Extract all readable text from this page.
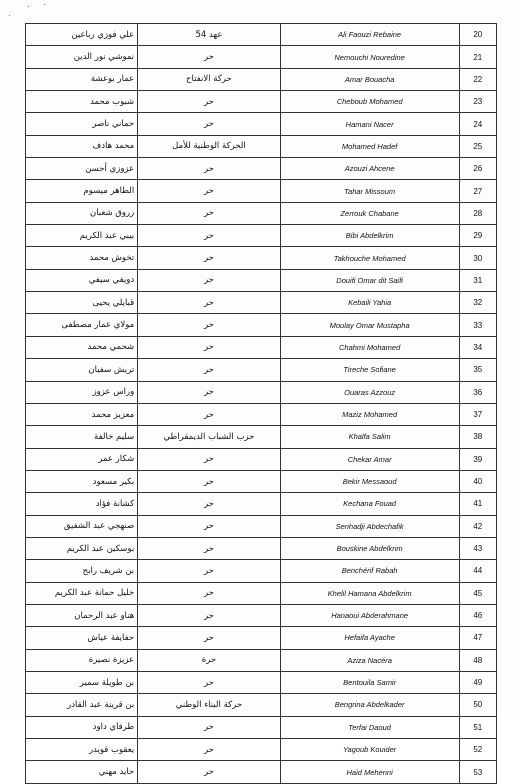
علي فوزي رباعين	عهد 54	Ali Faouzi Rebaine	20
نموشي نور الدين	حر	Nemouchi Nouredine	21
عمار بوعشة	حركة الانفتاح	Amar Bouacha	22
شبوب محمد	حر	Cheboub Mohamed	23
حماني ناصر	حر	Hamani Nacer	24
محمد هادف	الحركة الوطنية للأمل	Mohamed Hadef	25
عزوزي أحسن	حر	Azouzi Ahcene	26
الطاهر ميسوم	حر	Tahar Missoum	27
زروق شعبان	حر	Zerrouk Chabane	28
بيبي عبد الكريم	حر	Bibi Abdelkrim	29
تخوش محمد	حر	Takhouche Mohamed	30
دويفي سيفي	حر	Douifi Omar dit Saifi	31
قبايلي يحيى	حر	Kebaili Yahia	32
مولاي عمار مصطفى	حر	Moulay Omar Mustapha	33
شحمي محمد	حر	Chahmi Mohamed	34
تريش سفيان	حر	Tireche Sofiane	35
وراس عزوز	حر	Ouaras Azzouz	36
معزيز محمد	حر	Maziz Mohamed	37
سليم خالفة	حزب الشباب الديمقراطي	Khalfa Salim	38
شكار عمر	حر	Chekar Amar	39
بكير مسعود	حر	Bekir Messaoud	40
كشانة فؤاد	حر	Kechana Fouad	41
صنهجي عبد الشفيق	حر	Senhadji Abdechafik	42
بوسكين عبد الكريم	حر	Bouskine Abdelkrim	43
بن شريف رابح	حر	Benchérif Rabah	44
خليل حمانة عبد الكريم	حر	Khelil Hamana Abdelkrim	45
هناو عبد الرحمان	حر	Hanaoui Abderahmane	46
حفايفة عياش	حر	Hefaifa Ayache	47
عزيزة نصيرة	حرة	Aziza Nacéra	48
بن طويلة سمير	حر	Bentouila Samir	49
بن قرينة عبد القادر	حركة البناء الوطني	Bengrina Abdelkader	50
طرفاي داود	حر	Terfai Daoud	51
يعقوب قويدر	حر	Yagoub Kouider	52
حايد مهني	حر	Haid Mehenni	53
